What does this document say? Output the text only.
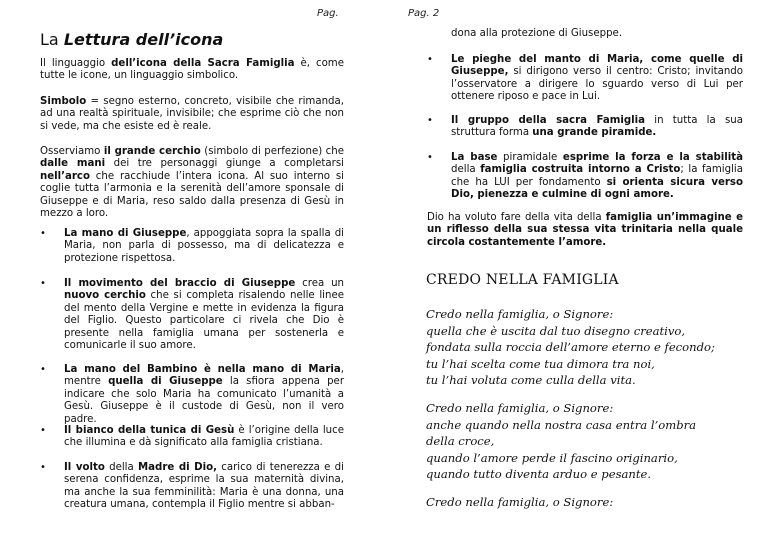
Pag.
La Lettura dell’icona

Il linguaggio dell’icona della Sacra Famiglia è, come tutte le icone, un linguaggio simbolico.

Simbolo = segno esterno, concreto, visibile che rimanda, ad una realtà spirituale, invisibile; che esprime ciò che non si vede, ma che esiste ed è reale.

Osserviamo il grande cerchio (simbolo di perfezione) che dalle mani dei tre personaggi giunge a completarsi nell’arco che racchiude l’intera icona. Al suo interno si coglie tutta l’armonia e la serenità dell’amore sponsale di Giuseppe e di Maria, reso saldo dalla presenza di Gesù in mezzo a loro.

• La mano di Giuseppe, appoggiata sopra la spalla di Maria, non parla di possesso, ma di delicatezza e protezione rispettosa.

• Il movimento del braccio di Giuseppe crea un nuovo cerchio che si completa risalendo nelle linee del mento della Vergine e mette in evidenza la figura del Figlio. Questo particolare ci rivela che Dio è presente nella famiglia umana per sostenerla e comunicarle il suo amore.

• La mano del Bambino è nella mano di Maria, mentre quella di Giuseppe la sfiora appena per indicare che solo Maria ha comunicato l’umanità a Gesù. Giuseppe è il custode di Gesù, non il vero padre.

• Il bianco della tunica di Gesù è l’origine della luce che illumina e dà significato alla famiglia cristiana.

• Il volto della Madre di Dio, carico di tenerezza e di serena confidenza, esprime la sua maternità divina, ma anche la sua femminilità: Maria è una donna, una creatura umana, contempla il Figlio mentre si abban-

Pag. 2

dona alla protezione di Giuseppe.

• Le pieghe del manto di Maria, come quelle di Giuseppe, si dirigono verso il centro: Cristo; invitando l’osservatore a dirigere lo sguardo verso di Lui per ottenere riposo e pace in Lui.

• Il gruppo della sacra Famiglia in tutta la sua struttura forma una grande piramide.

• La base piramidale esprime la forza e la stabilità della famiglia costruita intorno a Cristo; la famiglia che ha LUI per fondamento si orienta sicura verso Dio, pienezza e culmine di ogni amore.

Dio ha voluto fare della vita della famiglia un’immagine e un riflesso della sua stessa vita trinitaria nella quale circola costantemente l’amore.

CREDO NELLA FAMIGLIA

Credo nella famiglia, o Signore:
quella che è uscita dal tuo disegno creativo,
fondata sulla roccia dell’amore eterno e fecondo;
tu l’hai scelta come tua dimora tra noi,
tu l’hai voluta come culla della vita.

Credo nella famiglia, o Signore:
anche quando nella nostra casa entra l’ombra
della croce,
quando l’amore perde il fascino originario,
quando tutto diventa arduo e pesante.

Credo nella famiglia, o Signore:
